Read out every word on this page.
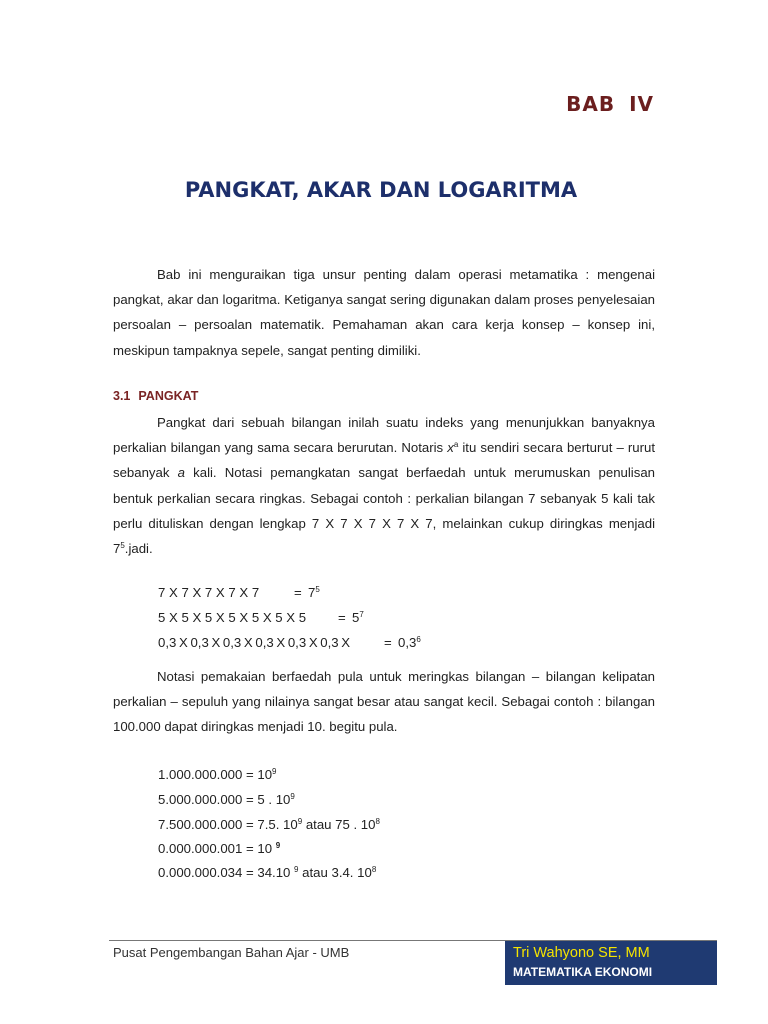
BAB IV
PANGKAT, AKAR DAN LOGARITMA

Bab ini menguraikan tiga unsur penting dalam operasi metamatika : mengenai pangkat, akar dan logaritma. Ketiganya sangat sering digunakan dalam proses penyelesaian persoalan – persoalan matematik. Pemahaman akan cara kerja konsep – konsep ini, meskipun tampaknya sepele, sangat penting dimiliki.

3.1 PANGKAT

Pangkat dari sebuah bilangan inilah suatu indeks yang menunjukkan banyaknya perkalian bilangan yang sama secara berurutan. Notaris $x^a$ itu sendiri secara berturut – rurut sebanyak a kali. Notasi pemangkatan sangat berfaedah untuk merumuskan penulisan bentuk perkalian secara ringkas. Sebagai contoh : perkalian bilangan 7 sebanyak 5 kali tak perlu dituliskan dengan lengkap 7 X 7 X 7 X 7 X 7, melainkan cukup diringkas menjadi $7^5.jadi$.

7 X 7 X 7 X 7 X 7	= $7^5$
5 X 5 X 5 X 5 X 5 X 5 X $5 = 5^7$
0,3 X 0,3 X 0,3 X 0,3 X 0,3 X 0,3 X	= $0,3^6$

Notasi pemakaian berfaedah pula untuk meringkas bilangan – bilangan kelipatan perkalian – sepuluh yang nilainya sangat besar atau sangat kecil. Sebagai contoh : bilangan 100.000 dapat diringkas menjadi 10. begitu pula.

$1.000.000.000 = 10^9$
5.000.000.000 = 5 . $10^9$
7.500.000.000 = 7.5. $10^9$ atau 75 . $10^8$
0.000.000.001 = 10 $^9$
0.000.000.034 = 34.10 $^9$ atau 3.4. $10^8$
Pusat Pengembangan Bahan Ajar - UMB	Tri Wahyono SE, MM
MATEMATIKA EKONOMI
